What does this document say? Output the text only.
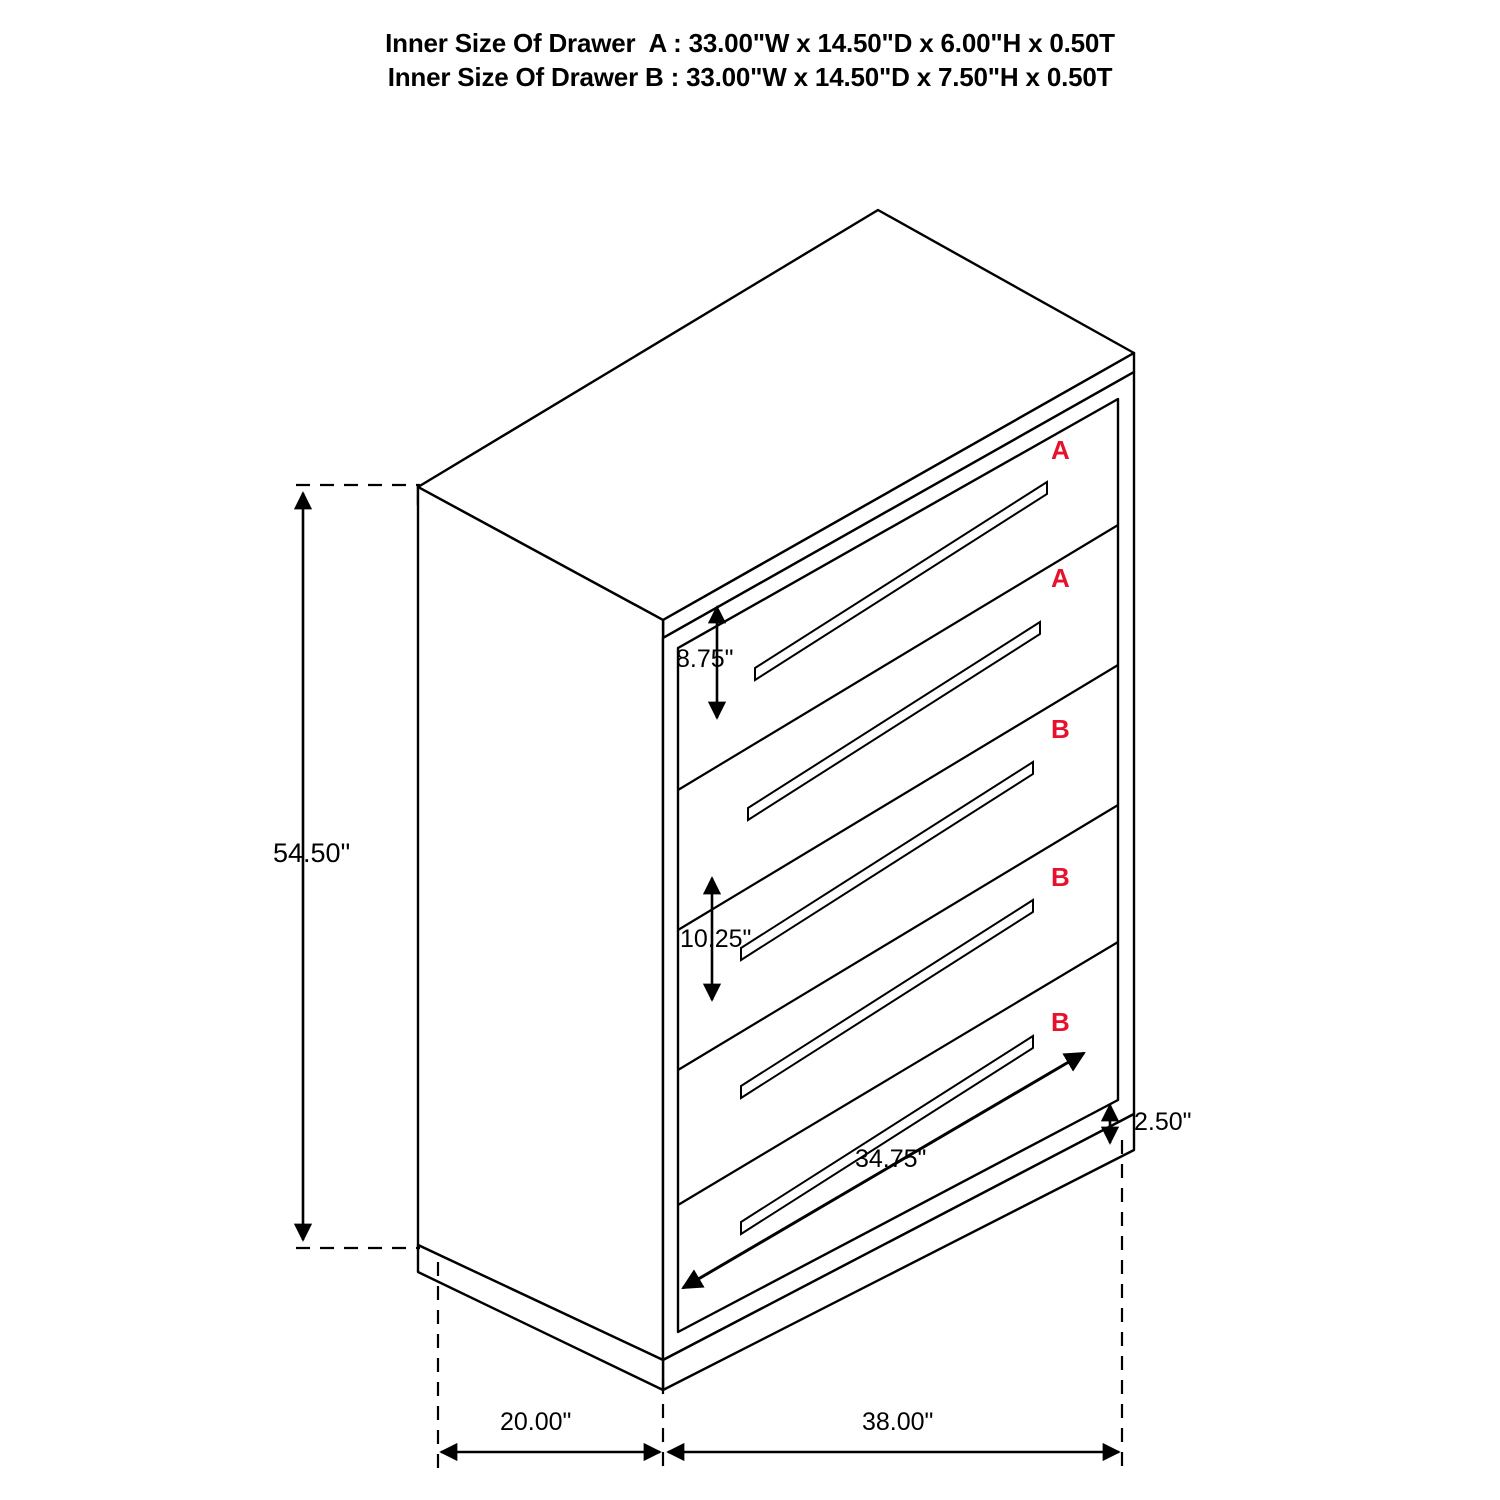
Inner Size Of Drawer  A : 33.00"W x 14.50"D x 6.00"H x 0.50T
Inner Size Of Drawer B : 33.00"W x 14.50"D x 7.50"H x 0.50T
54.50"
8.75"
10.25"
2.50"
34.75"
20.00"	38.00"
A
A
B
B
B
